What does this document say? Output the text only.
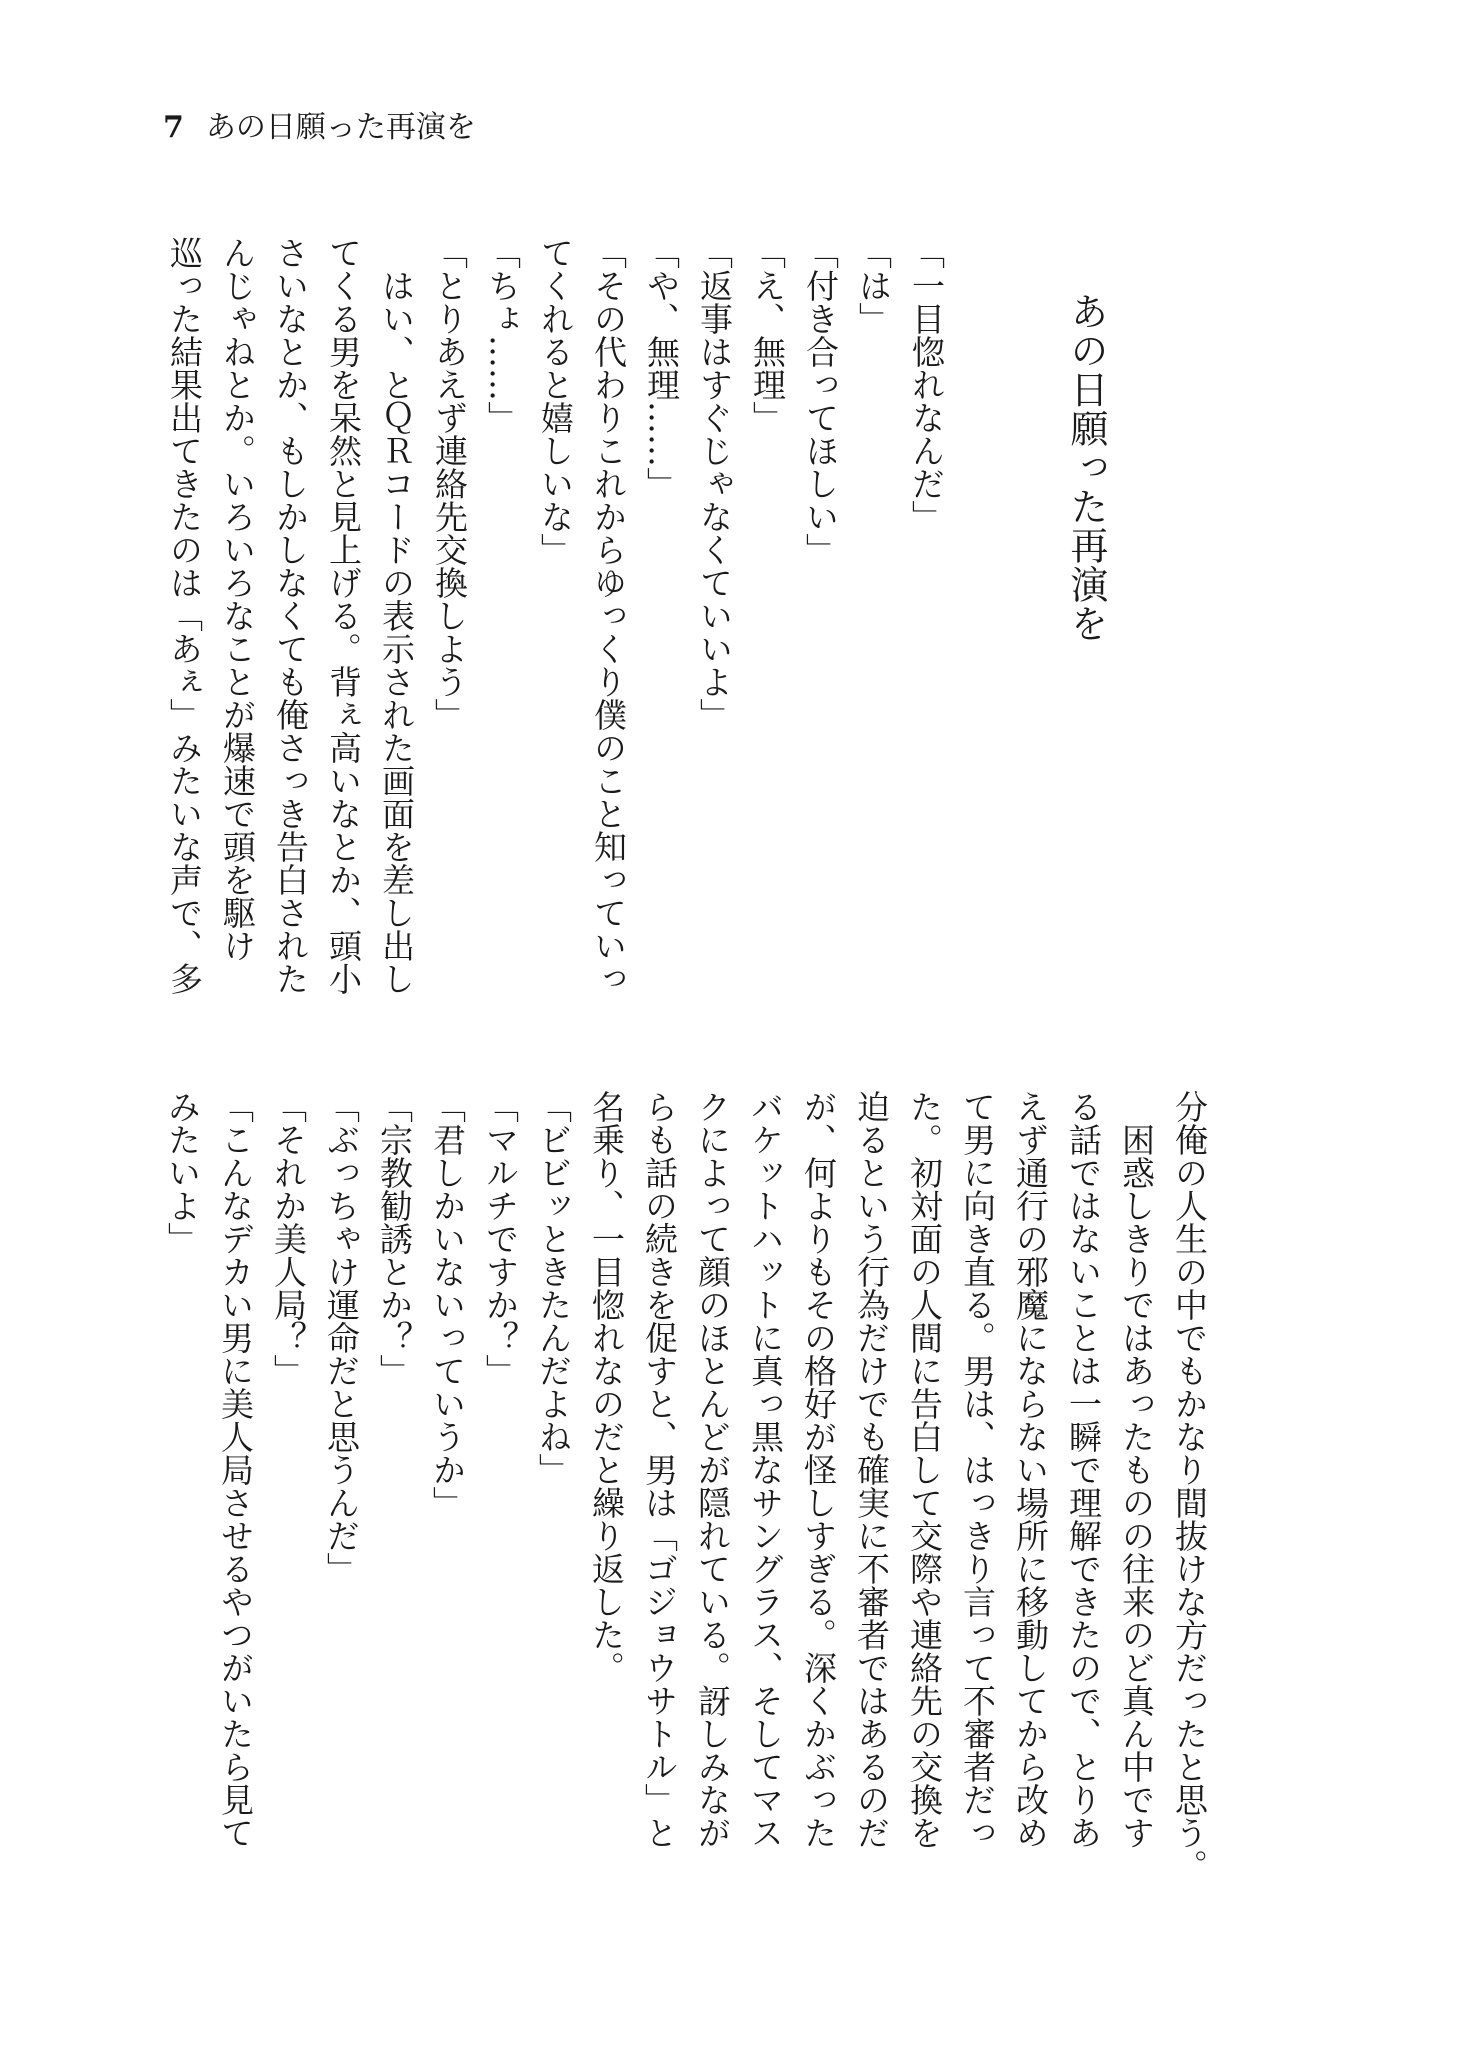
7 あの日願った再演を
あの日願った再演を
「一目惚れなんだ」
「は」
「付き合ってほしい」
「え、無理」
「返事はすぐじゃなくていいよ」
「や、無理……」
「その代わりこれからゆっくり僕のこと知っていっ
てくれると嬉しいな」
「ちょ……」
「とりあえず連絡先交換しよう」
　はい、とＱＲコードの表示された画面を差し出し
てくる男を呆然と見上げる。背ぇ高いなとか、頭小
さいなとか、もしかしなくても俺さっき告白された
んじゃねとか。いろいろなことが爆速で頭を駆け
巡った結果出てきたのは「あぇ」みたいな声で、多
分俺の人生の中でもかなり間抜けな方だったと思う。
　困惑しきりではあったものの往来のど真ん中です
る話ではないことは一瞬で理解できたので、とりあ
えず通行の邪魔にならない場所に移動してから改め
て男に向き直る。男は、はっきり言って不審者だっ
た。初対面の人間に告白して交際や連絡先の交換を
迫るという行為だけでも確実に不審者ではあるのだ
が、何よりもその格好が怪しすぎる。深くかぶった
バケットハットに真っ黒なサングラス、そしてマス
クによって顔のほとんどが隠れている。訝しみなが
らも話の続きを促すと、男は「ゴジョウサトル」と
名乗り、一目惚れなのだと繰り返した。
「ビビッときたんだよね」
「マルチですか？」
「君しかいないっていうか」
「宗教勧誘とか？」
「ぶっちゃけ運命だと思うんだ」
「それか美人局？」
「こんなデカい男に美人局させるやつがいたら見て
みたいよ」
